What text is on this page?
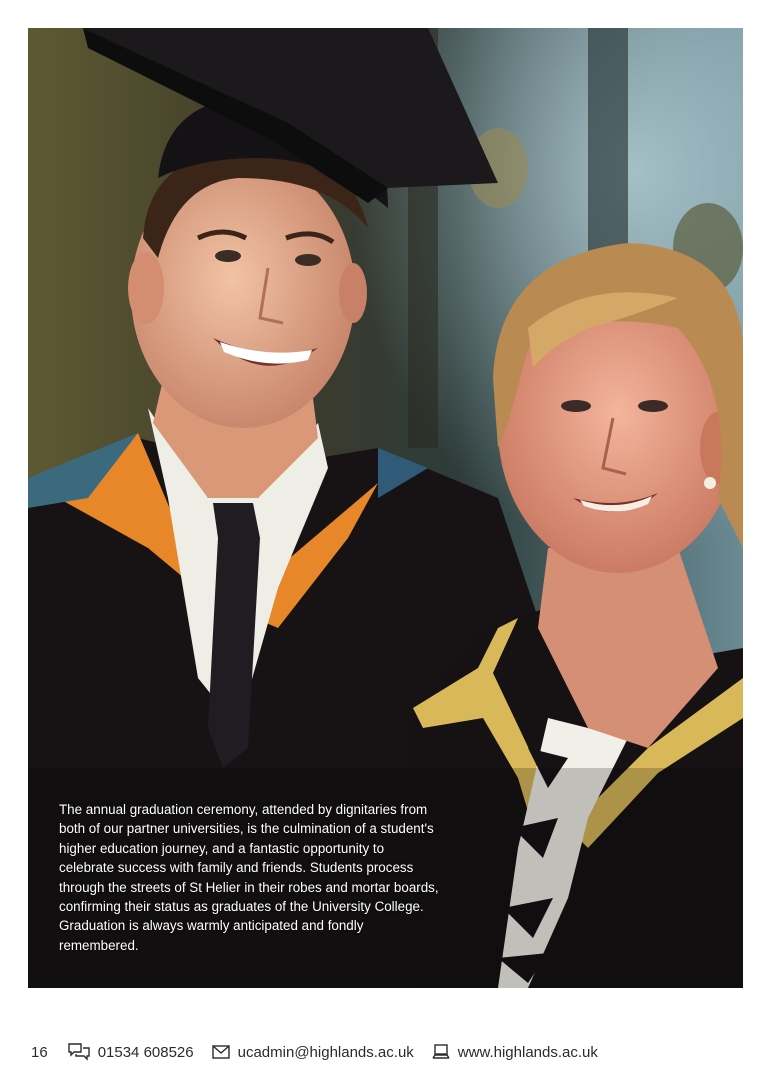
The annual graduation ceremony, attended by dignitaries from both of our partner universities, is the culmination of a student's higher education journey, and a fantastic opportunity to celebrate success with family and friends. Students process through the streets of St Helier in their robes and mortar boards, confirming their status as graduates of the University College. Graduation is always warmly anticipated and fondly remembered.
16	01534 608526	ucadmin@highlands.ac.uk	www.highlands.ac.uk
